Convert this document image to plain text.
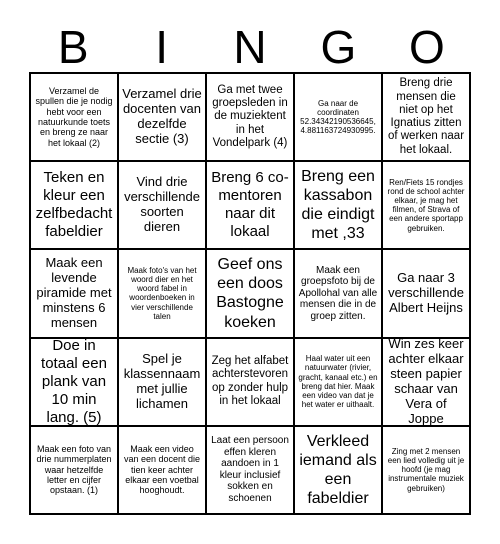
B	I	N	G	O
Verzamel de spullen die je nodig hebt voor een natuurkunde toets en breng ze naar het lokaal (2)
Verzamel drie docenten van dezelfde sectie (3)
Ga met twee groepsleden in de muziektent in het Vondelpark (4)
Ga naar de coordinaten 52.34342190536645, 4.881163724930995.
Breng drie mensen die niet op het Ignatius zitten of werken naar het lokaal.
Teken en kleur een zelfbedacht fabeldier
Vind drie verschillende soorten dieren
Breng 6 co-mentoren naar dit lokaal
Breng een kassabon die eindigt met ,33
Ren/Fiets 15 rondjes rond de school achter elkaar, je mag het filmen, of Strava of een andere sportapp gebruiken.
Maak een levende piramide met minstens 6 mensen
Maak foto's van het woord dier en het woord fabel in woordenboeken in vier verschillende talen
Geef ons een doos Bastogne koeken
Maak een groepsfoto bij de Apollohal van alle mensen die in de groep zitten.
Ga naar 3 verschillende Albert Heijns
Doe in totaal een plank van 10 min lang. (5)
Spel je klassennaam met jullie lichamen
Zeg het alfabet achterstevoren op zonder hulp in het lokaal
Haal water uit een natuurwater (rivier, gracht, kanaal etc.) en breng dat hier. Maak een video van dat je het water er uithaalt.
Win zes keer achter elkaar steen papier schaar van Vera of Joppe
Maak een foto van drie nummerplaten waar hetzelfde letter en cijfer opstaan. (1)
Maak een video van een docent die tien keer achter elkaar een voetbal hooghoudt.
Laat een persoon effen kleren aandoen in 1 kleur inclusief sokken en schoenen
Verkleed iemand als een fabeldier
Zing met 2 mensen een lied volledig uit je hoofd (je mag instrumentale muziek gebruiken)
